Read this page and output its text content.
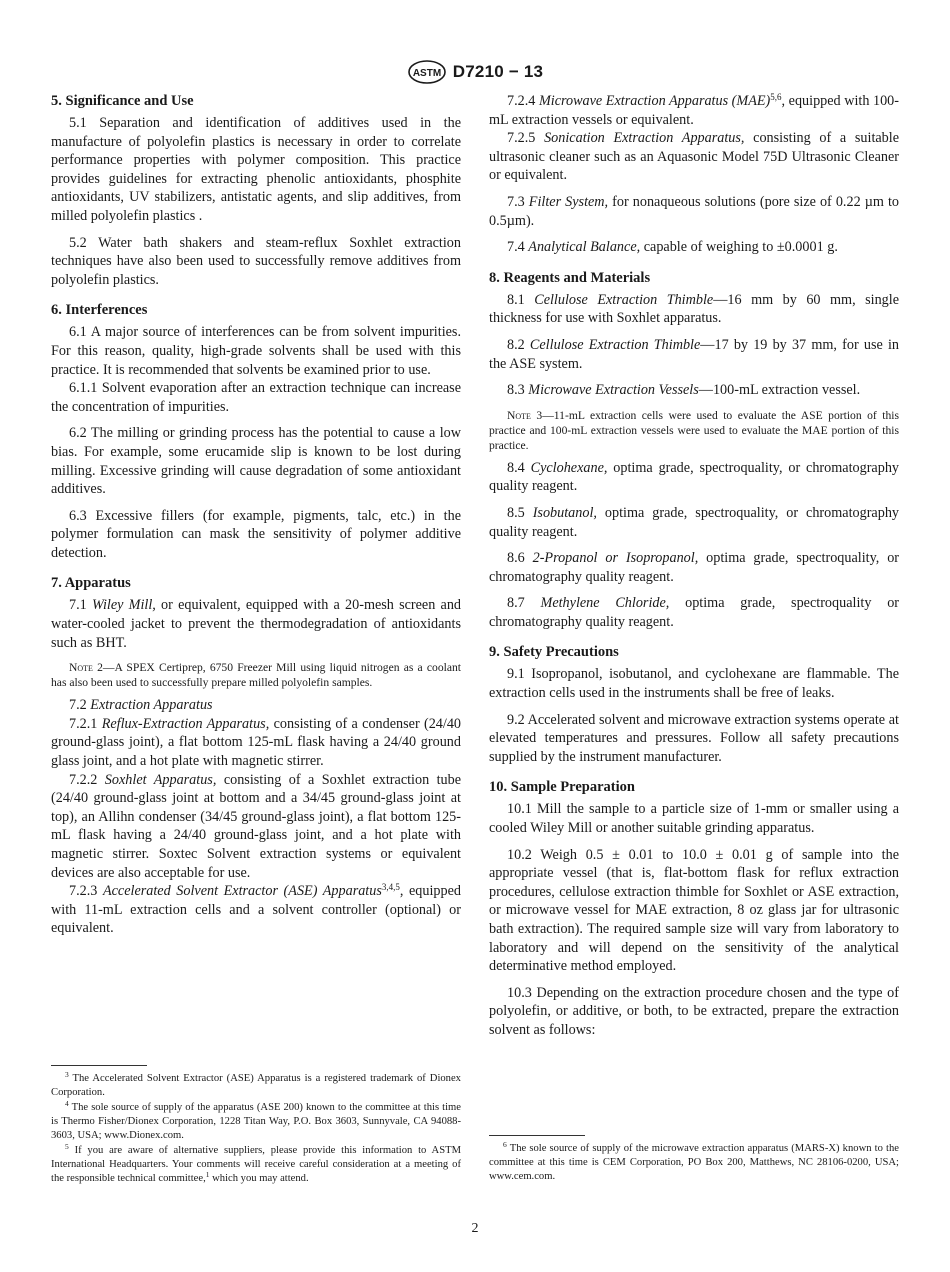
ASTM D7210 − 13
5. Significance and Use

5.1 Separation and identification of additives used in the manufacture of polyolefin plastics is necessary in order to correlate performance properties with polymer composition. This practice provides guidelines for extracting phenolic antioxidants, phosphite antioxidants, UV stabilizers, antistatic agents, and slip additives, from milled polyolefin plastics .

5.2 Water bath shakers and steam-reflux Soxhlet extraction techniques have also been used to successfully remove additives from polyolefin plastics.

6. Interferences

6.1 A major source of interferences can be from solvent impurities. For this reason, quality, high-grade solvents shall be used with this practice. It is recommended that solvents be examined prior to use.

6.1.1 Solvent evaporation after an extraction technique can increase the concentration of impurities.

6.2 The milling or grinding process has the potential to cause a low bias. For example, some erucamide slip is known to be lost during milling. Excessive grinding will cause degradation of some antioxidant additives.

6.3 Excessive fillers (for example, pigments, talc, etc.) in the polymer formulation can mask the sensitivity of polymer additive detection.

7. Apparatus

7.1 Wiley Mill, or equivalent, equipped with a 20-mesh screen and water-cooled jacket to prevent the thermodegradation of antioxidants such as BHT.

Note 2—A SPEX Certiprep, 6750 Freezer Mill using liquid nitrogen as a coolant has also been used to successfully prepare milled polyolefin samples.

7.2 Extraction Apparatus

7.2.1 Reflux-Extraction Apparatus, consisting of a condenser (24/40 ground-glass joint), a flat bottom 125-mL flask having a 24/40 ground glass joint, and a hot plate with magnetic stirrer.

7.2.2 Soxhlet Apparatus, consisting of a Soxhlet extraction tube (24/40 ground-glass joint at bottom and a 34/45 ground-glass joint at top), an Allihn condenser (34/45 ground-glass joint), a flat bottom 125-mL flask having a 24/40 ground-glass joint, and a hot plate with magnetic stirrer. Soxtec Solvent extraction systems or equivalent devices are also acceptable for use.

7.2.3 Accelerated Solvent Extractor (ASE) Apparatus$^{3,4,5}$, equipped with 11-mL extraction cells and a solvent controller (optional) or equivalent.

$^3$ The Accelerated Solvent Extractor (ASE) Apparatus is a registered trademark of Dionex Corporation.
$^4$ The sole source of supply of the apparatus (ASE 200) known to the committee at this time is Thermo Fisher/Dionex Corporation, 1228 Titan Way, P.O. Box 3603, Sunnyvale, CA 94088-3603, USA; www.Dionex.com.
$^5$ If you are aware of alternative suppliers, please provide this information to ASTM International Headquarters. Your comments will receive careful consideration at a meeting of the responsible technical committee,$^1$ which you may attend.

7.2.4 Microwave Extraction Apparatus (MAE)$^{5,6}$, equipped with 100-mL extraction vessels or equivalent.

7.2.5 Sonication Extraction Apparatus, consisting of a suitable ultrasonic cleaner such as an Aquasonic Model 75D Ultrasonic Cleaner or equivalent.

7.3 Filter System, for nonaqueous solutions (pore size of 0.22 µm to 0.5µm).

7.4 Analytical Balance, capable of weighing to ±0.0001 g.

8. Reagents and Materials

8.1 Cellulose Extraction Thimble—16 mm by 60 mm, single thickness for use with Soxhlet apparatus.

8.2 Cellulose Extraction Thimble—17 by 19 by 37 mm, for use in the ASE system.

8.3 Microwave Extraction Vessels—100-mL extraction vessel.

Note 3—11-mL extraction cells were used to evaluate the ASE portion of this practice and 100-mL extraction vessels were used to evaluate the MAE portion of this practice.

8.4 Cyclohexane, optima grade, spectroquality, or chromatography quality reagent.

8.5 Isobutanol, optima grade, spectroquality, or chromatography quality reagent.

8.6 2-Propanol or Isopropanol, optima grade, spectroquality, or chromatography quality reagent.

8.7 Methylene Chloride, optima grade, spectroquality or chromatography quality reagent.

9. Safety Precautions

9.1 Isopropanol, isobutanol, and cyclohexane are flammable. The extraction cells used in the instruments shall be free of leaks.

9.2 Accelerated solvent and microwave extraction systems operate at elevated temperatures and pressures. Follow all safety precautions supplied by the instrument manufacturer.

10. Sample Preparation

10.1 Mill the sample to a particle size of 1-mm or smaller using a cooled Wiley Mill or another suitable grinding apparatus.

10.2 Weigh 0.5 ± 0.01 to 10.0 ± 0.01 g of sample into the appropriate vessel (that is, flat-bottom flask for reflux extraction procedures, cellulose extraction thimble for Soxhlet or ASE extraction, or microwave vessel for MAE extraction, 8 oz glass jar for ultrasonic bath extraction). The required sample size will vary from laboratory to laboratory and will depend on the sensitivity of the analytical determinative method employed.

10.3 Depending on the extraction procedure chosen and the type of polyolefin, or additive, or both, to be extracted, prepare the extraction solvent as follows:

$^6$ The sole source of supply of the microwave extraction apparatus (MARS-X) known to the committee at this time is CEM Corporation, PO Box 200, Matthews, NC 28106-0200, USA; www.cem.com.
2
